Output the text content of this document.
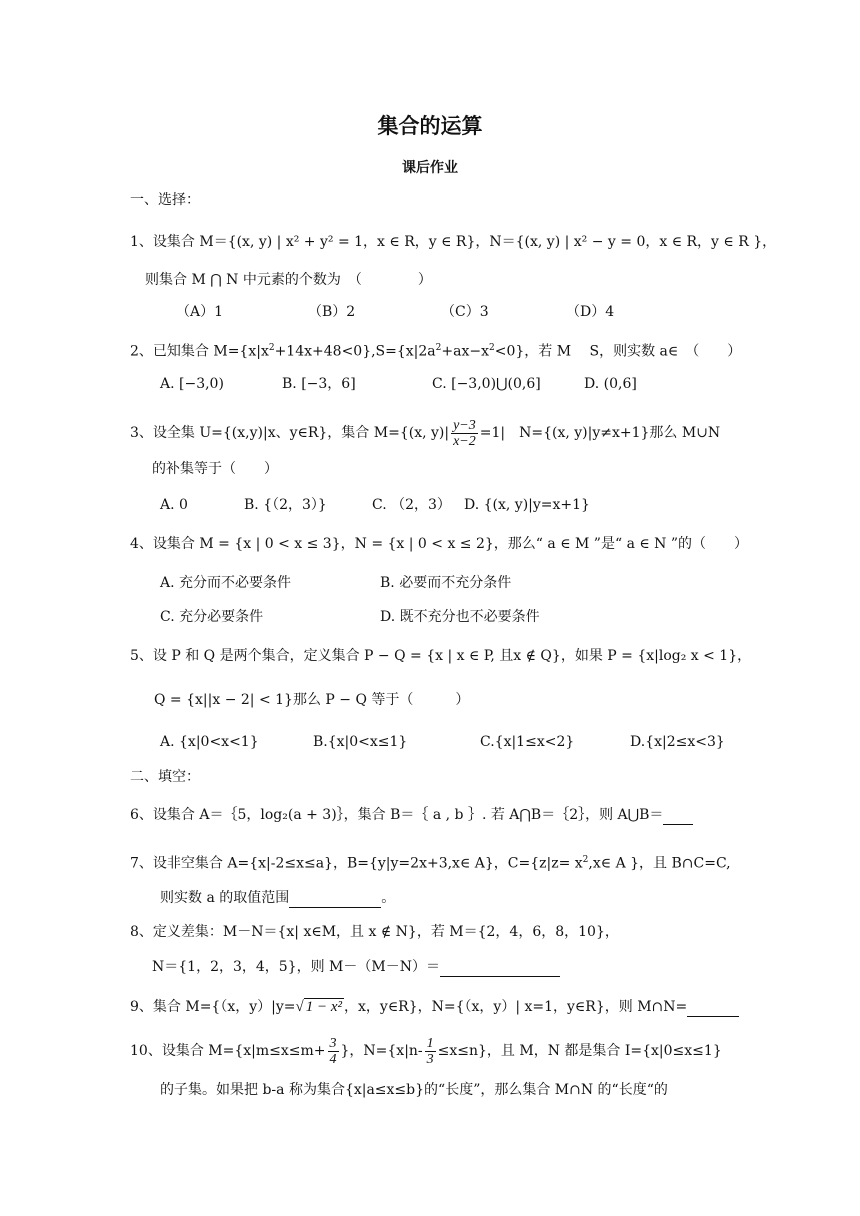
集合的运算
课后作业
一、选择：
1、设集合 M＝{(x, y) | x² + y² = 1，x ∈ R，y ∈ R}，N＝{(x, y) | x² − y = 0，x ∈ R，y ∈ R }，
则集合 M ⋂ N 中元素的个数为　（　　　　）
（A）1	（B）2	（C）3	（D）4
2、已知集合 $M=\{x|x^2+14x+48<0\},S=\{x|2a^2+ax-x^2<0\}$，若 M　 S，则实数 a∈　（　　）
A. [−3,0)	B. [−3，6]	C. [−3,0)⋃(0,6]	D. (0,6]
3、设全集 U={(x,y)|x、y∈R}，集合 M={(x, $y)| \frac{y-3}{x-2} =1|$　N={(x, y)|y≠x+1}那么 M∪N
的补集等于（　　）
A. 0	B. {（2，3）}	C. （2，3） D. {(x, y)|y=x+1}
4、设集合 M = {x | 0 < x ≤ 3}，N = {x | 0 < x ≤ 2}，那么“ a ∈ M ”是“ a ∈ N ”的（　　）
A. 充分而不必要条件	B. 必要而不充分条件
C. 充分必要条件	D. 既不充分也不必要条件
5、设 P 和 Q 是两个集合，定义集合 P − Q = {x | x ∈ P, 且x ∉ Q}，如果 P = {x|log₂ x < 1}，
Q = {x||x − 2| < 1}那么 P − Q 等于（　　　）
A. {x|0<x<1}	B.{x|0<x≤1}	C.{x|1≤x<2}	D.{x|2≤x<3}
二、填空：
6、设集合 A＝｛5，log₂(a + 3)｝，集合 B＝｛ a , b ｝. 若 A⋂B＝｛2｝，则 A⋃B＝
7、设非空集合 A={x|-2≤x≤a}，B={y|y=2x+3,x∈ A}，$C=\{z|z= x^2,x\in$ A }，且 B∩C=C,
则实数 a 的取值范围	。
8、定义差集：M－N＝{x| x∈M，且 x ∉ N}，若 M＝{2，4，6，8，10}，
N＝{1，2，3，4，5}，则 M－（M－N）＝
9、集合 M={（x，y）|y=√ 1 − x² ，x，y∈R}，N={（x，y）| x=1，y∈R}，则 M∩N=
10、设集合 $M=\{x|m\le x\le m+ \frac{3}{4}$ }，$N=\{x|n- \frac{1}{3} \le x\le n\}$，且 M，N 都是集合 I={x|0≤x≤1}
的子集。如果把 b-a 称为集合{x|a≤x≤b}的“长度”，那么集合 M∩N 的“长度“的
